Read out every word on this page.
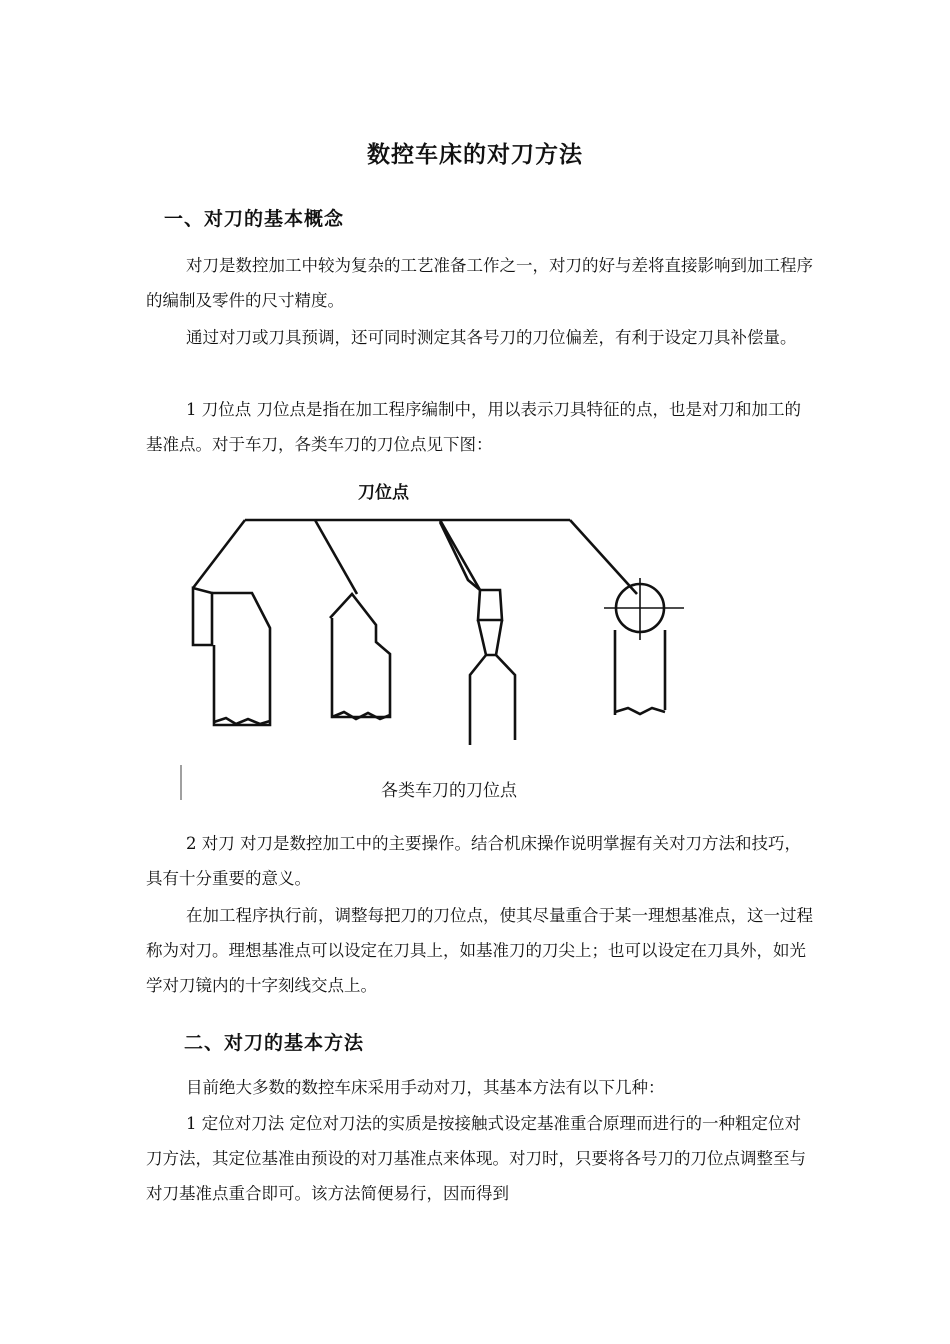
数控车床的对刀方法
一、对刀的基本概念
对刀是数控加工中较为复杂的工艺准备工作之一，对刀的好与差将直接影响到加工程序的编制及零件的尺寸精度。
通过对刀或刀具预调，还可同时测定其各号刀的刀位偏差，有利于设定刀具补偿量。
1 刀位点 刀位点是指在加工程序编制中，用以表示刀具特征的点，也是对刀和加工的基准点。对于车刀，各类车刀的刀位点见下图：
刀位点
各类车刀的刀位点
2 对刀 对刀是数控加工中的主要操作。结合机床操作说明掌握有关对刀方法和技巧，具有十分重要的意义。
在加工程序执行前，调整每把刀的刀位点，使其尽量重合于某一理想基准点，这一过程称为对刀。理想基准点可以设定在刀具上，如基准刀的刀尖上；也可以设定在刀具外，如光学对刀镜内的十字刻线交点上。
二、对刀的基本方法
目前绝大多数的数控车床采用手动对刀，其基本方法有以下几种：
1 定位对刀法 定位对刀法的实质是按接触式设定基准重合原理而进行的一种粗定位对刀方法，其定位基准由预设的对刀基准点来体现。对刀时，只要将各号刀的刀位点调整至与对刀基准点重合即可。该方法简便易行，因而得到
